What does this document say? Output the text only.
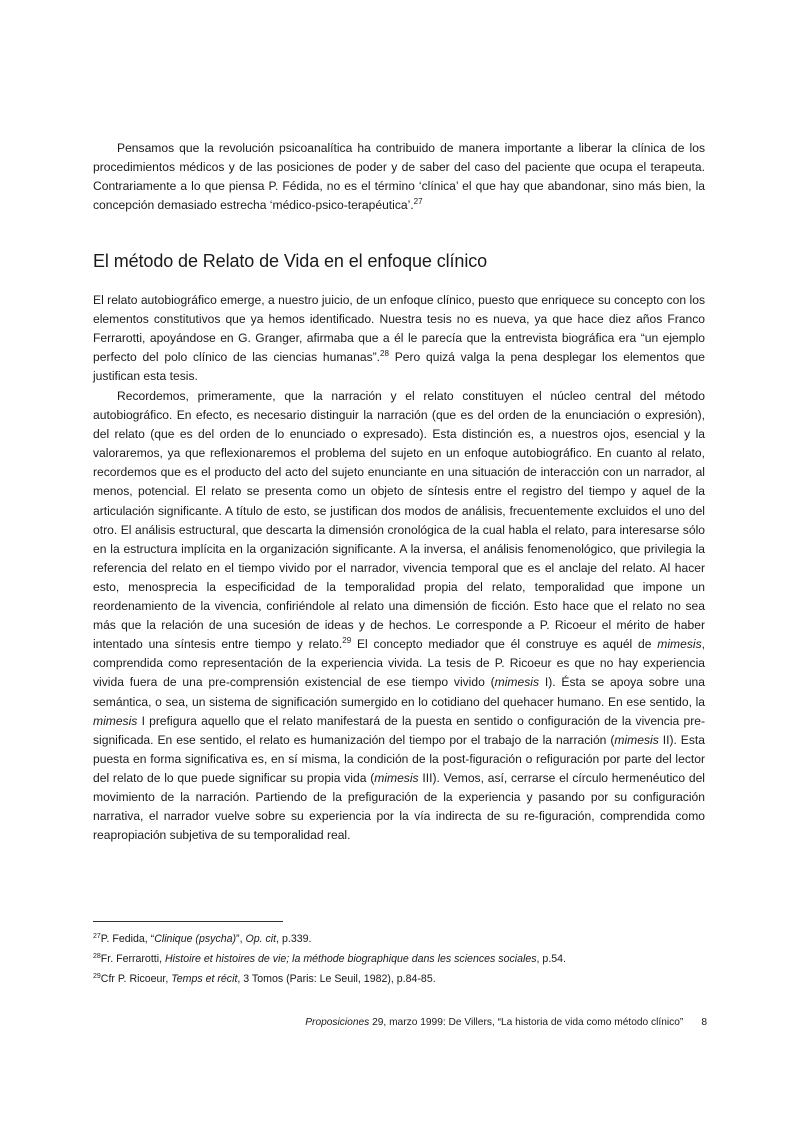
Pensamos que la revolución psicoanalítica ha contribuido de manera importante a liberar la clínica de los procedimientos médicos y de las posiciones de poder y de saber del caso del paciente que ocupa el terapeuta. Contrariamente a lo que piensa P. Fédida, no es el término ‘clínica’ el que hay que abandonar, sino más bien, la concepción demasiado estrecha ‘médico-psico-terapéutica’.$^{27}$

El método de Relato de Vida en el enfoque clínico

El relato autobiográfico emerge, a nuestro juicio, de un enfoque clínico, puesto que enriquece su concepto con los elementos constitutivos que ya hemos identificado. Nuestra tesis no es nueva, ya que hace diez años Franco Ferrarotti, apoyándose en G. Granger, afirmaba que a él le parecía que la entrevista biográfica era “un ejemplo perfecto del polo clínico de las ciencias humanas”.$^{28}$ Pero quizá valga la pena desplegar los elementos que justifican esta tesis.

Recordemos, primeramente, que la narración y el relato constituyen el núcleo central del método autobiográfico. En efecto, es necesario distinguir la narración (que es del orden de la enunciación o expresión), del relato (que es del orden de lo enunciado o expresado). Esta distinción es, a nuestros ojos, esencial y la valoraremos, ya que reflexionaremos el problema del sujeto en un enfoque autobiográfico. En cuanto al relato, recordemos que es el producto del acto del sujeto enunciante en una situación de interacción con un narrador, al menos, potencial. El relato se presenta como un objeto de síntesis entre el registro del tiempo y aquel de la articulación significante. A título de esto, se justifican dos modos de análisis, frecuentemente excluidos el uno del otro. El análisis estructural, que descarta la dimensión cronológica de la cual habla el relato, para interesarse sólo en la estructura implícita en la organización significante. A la inversa, el análisis fenomenológico, que privilegia la referencia del relato en el tiempo vivido por el narrador, vivencia temporal que es el anclaje del relato. Al hacer esto, menosprecia la especificidad de la temporalidad propia del relato, temporalidad que impone un reordenamiento de la vivencia, confiriéndole al relato una dimensión de ficción. Esto hace que el relato no sea más que la relación de una sucesión de ideas y de hechos. Le corresponde a P. Ricoeur el mérito de haber intentado una síntesis entre tiempo y relato.$^{29}$ El concepto mediador que él construye es aquél de mimesis, comprendida como representación de la experiencia vivida. La tesis de P. Ricoeur es que no hay experiencia vivida fuera de una pre-comprensión existencial de ese tiempo vivido (mimesis I). Ésta se apoya sobre una semántica, o sea, un sistema de significación sumergido en lo cotidiano del quehacer humano. En ese sentido, la mimesis I prefigura aquello que el relato manifestará de la puesta en sentido o configuración de la vivencia pre-significada. En ese sentido, el relato es humanización del tiempo por el trabajo de la narración (mimesis II). Esta puesta en forma significativa es, en sí misma, la condición de la post-figuración o refiguración por parte del lector del relato de lo que puede significar su propia vida (mimesis III). Vemos, así, cerrarse el círculo hermenéutico del movimiento de la narración. Partiendo de la prefiguración de la experiencia y pasando por su configuración narrativa, el narrador vuelve sobre su experiencia por la vía indirecta de su re-figuración, comprendida como reapropiación subjetiva de su temporalidad real.

$^{27}$P. Fedida, “Clinique (psycha)”, Op. cit, p.339.

$^{28}$Fr. Ferrarotti, Histoire et histoires de vie; la méthode biographique dans les sciences sociales, p.54.

$^{29}$Cfr P. Ricoeur, Temps et récit, 3 Tomos (Paris: Le Seuil, 1982), p.84-85.

Proposiciones 29, marzo 1999: De Villers, “La historia de vida como método clínico” 8
